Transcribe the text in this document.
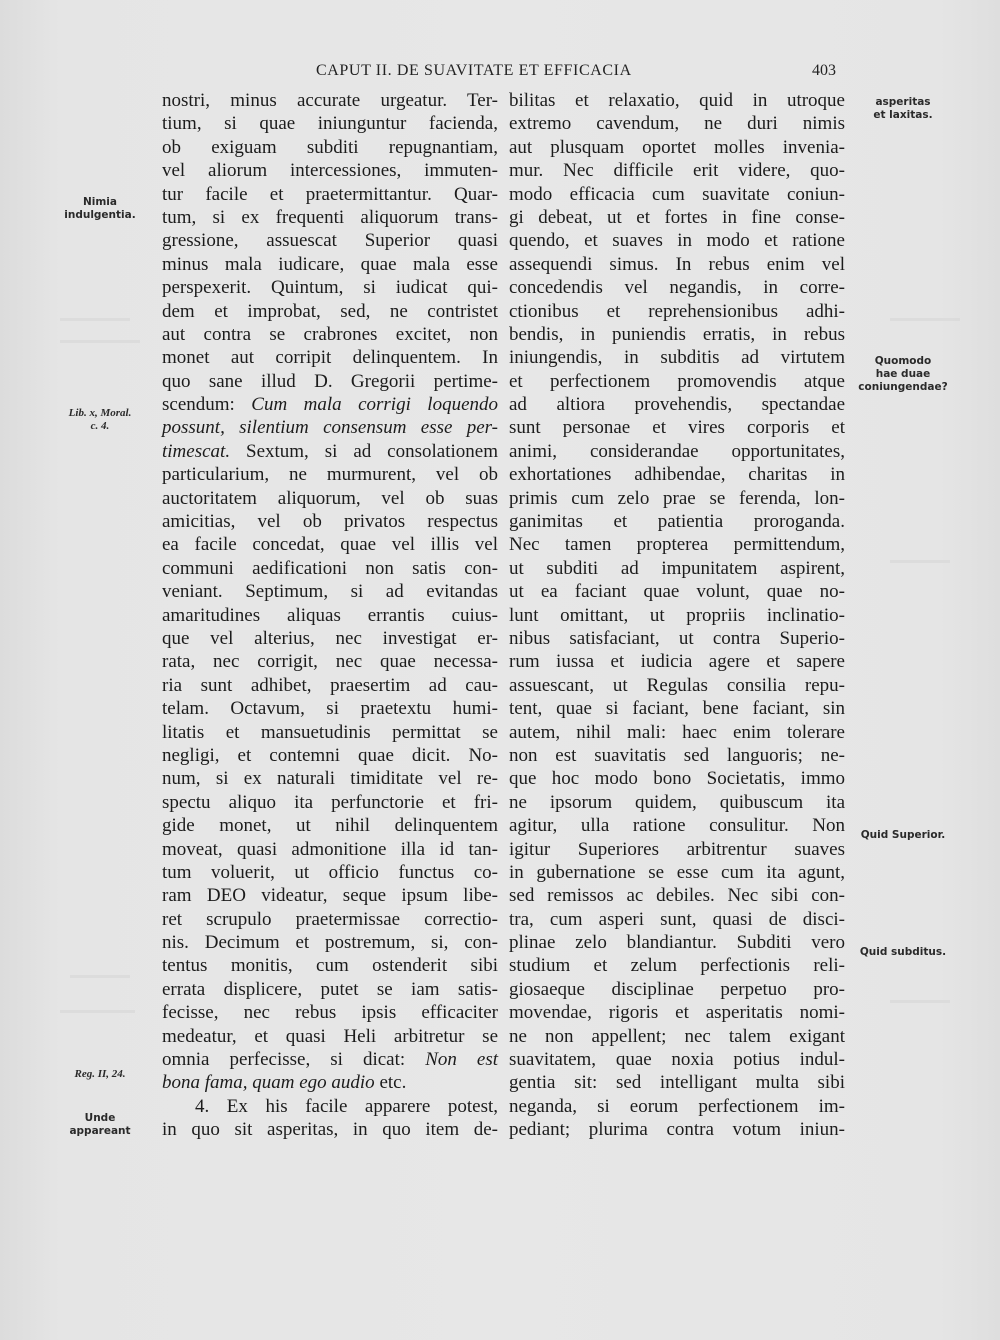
CAPUT II. DE SUAVITATE ET EFFICACIA	403
Nimia
indulgentia.
Lib. x, Moral.
c. 4.
Reg. II, 24.
Unde
appareant
asperitas
et laxitas.
Quomodo
hae duae
coniungendae?
Quid Superior.
Quid subditus.
nostri, minus accurate urgeatur. Ter-
tium, si quae iniunguntur facienda,
ob exiguam subditi repugnantiam,
vel aliorum intercessiones, immuten-
tur facile et praetermittantur. Quar-
tum, si ex frequenti aliquorum trans-
gressione, assuescat Superior quasi
minus mala iudicare, quae mala esse
perspexerit. Quintum, si iudicat qui-
dem et improbat, sed, ne contristet
aut contra se crabrones excitet, non
monet aut corripit delinquentem. In
quo sane illud D. Gregorii pertime-
scendum: Cum mala corrigi loquendo
possunt, silentium consensum esse per-
timescat. Sextum, si ad consolationem
particularium, ne murmurent, vel ob
auctoritatem aliquorum, vel ob suas
amicitias, vel ob privatos respectus
ea facile concedat, quae vel illis vel
communi aedificationi non satis con-
veniant. Septimum, si ad evitandas
amaritudines aliquas errantis cuius-
que vel alterius, nec investigat er-
rata, nec corrigit, nec quae necessa-
ria sunt adhibet, praesertim ad cau-
telam. Octavum, si praetextu humi-
litatis et mansuetudinis permittat se
negligi, et contemni quae dicit. No-
num, si ex naturali timiditate vel re-
spectu aliquo ita perfunctorie et fri-
gide monet, ut nihil delinquentem
moveat, quasi admonitione illa id tan-
tum voluerit, ut officio functus co-
ram DEO videatur, seque ipsum libe-
ret scrupulo praetermissae correctio-
nis. Decimum et postremum, si, con-
tentus monitis, cum ostenderit sibi
errata displicere, putet se iam satis-
fecisse, nec rebus ipsis efficaciter
medeatur, et quasi Heli arbitretur se
omnia perfecisse, si dicat: Non est
bona fama, quam ego audio etc.
4. Ex his facile apparere potest,
in quo sit asperitas, in quo item de-
bilitas et relaxatio, quid in utroque
extremo cavendum, ne duri nimis
aut plusquam oportet molles invenia-
mur. Nec difficile erit videre, quo-
modo efficacia cum suavitate coniun-
gi debeat, ut et fortes in fine conse-
quendo, et suaves in modo et ratione
assequendi simus. In rebus enim vel
concedendis vel negandis, in corre-
ctionibus et reprehensionibus adhi-
bendis, in puniendis erratis, in rebus
iniungendis, in subditis ad virtutem
et perfectionem promovendis atque
ad altiora provehendis, spectandae
sunt personae et vires corporis et
animi, considerandae opportunitates,
exhortationes adhibendae, charitas in
primis cum zelo prae se ferenda, lon-
ganimitas et patientia proroganda.
Nec tamen propterea permittendum,
ut subditi ad impunitatem aspirent,
ut ea faciant quae volunt, quae no-
lunt omittant, ut propriis inclinatio-
nibus satisfaciant, ut contra Superio-
rum iussa et iudicia agere et sapere
assuescant, ut Regulas consilia repu-
tent, quae si faciant, bene faciant, sin
autem, nihil mali: haec enim tolerare
non est suavitatis sed languoris; ne-
que hoc modo bono Societatis, immo
ne ipsorum quidem, quibuscum ita
agitur, ulla ratione consulitur. Non
igitur Superiores arbitrentur suaves
in gubernatione se esse cum ita agunt,
sed remissos ac debiles. Nec sibi con-
tra, cum asperi sunt, quasi de disci-
plinae zelo blandiantur. Subditi vero
studium et zelum perfectionis reli-
giosaeque disciplinae perpetuo pro-
movendae, rigoris et asperitatis nomi-
ne non appellent; nec talem exigant
suavitatem, quae noxia potius indul-
gentia sit: sed intelligant multa sibi
neganda, si eorum perfectionem im-
pediant; plurima contra votum iniun-
